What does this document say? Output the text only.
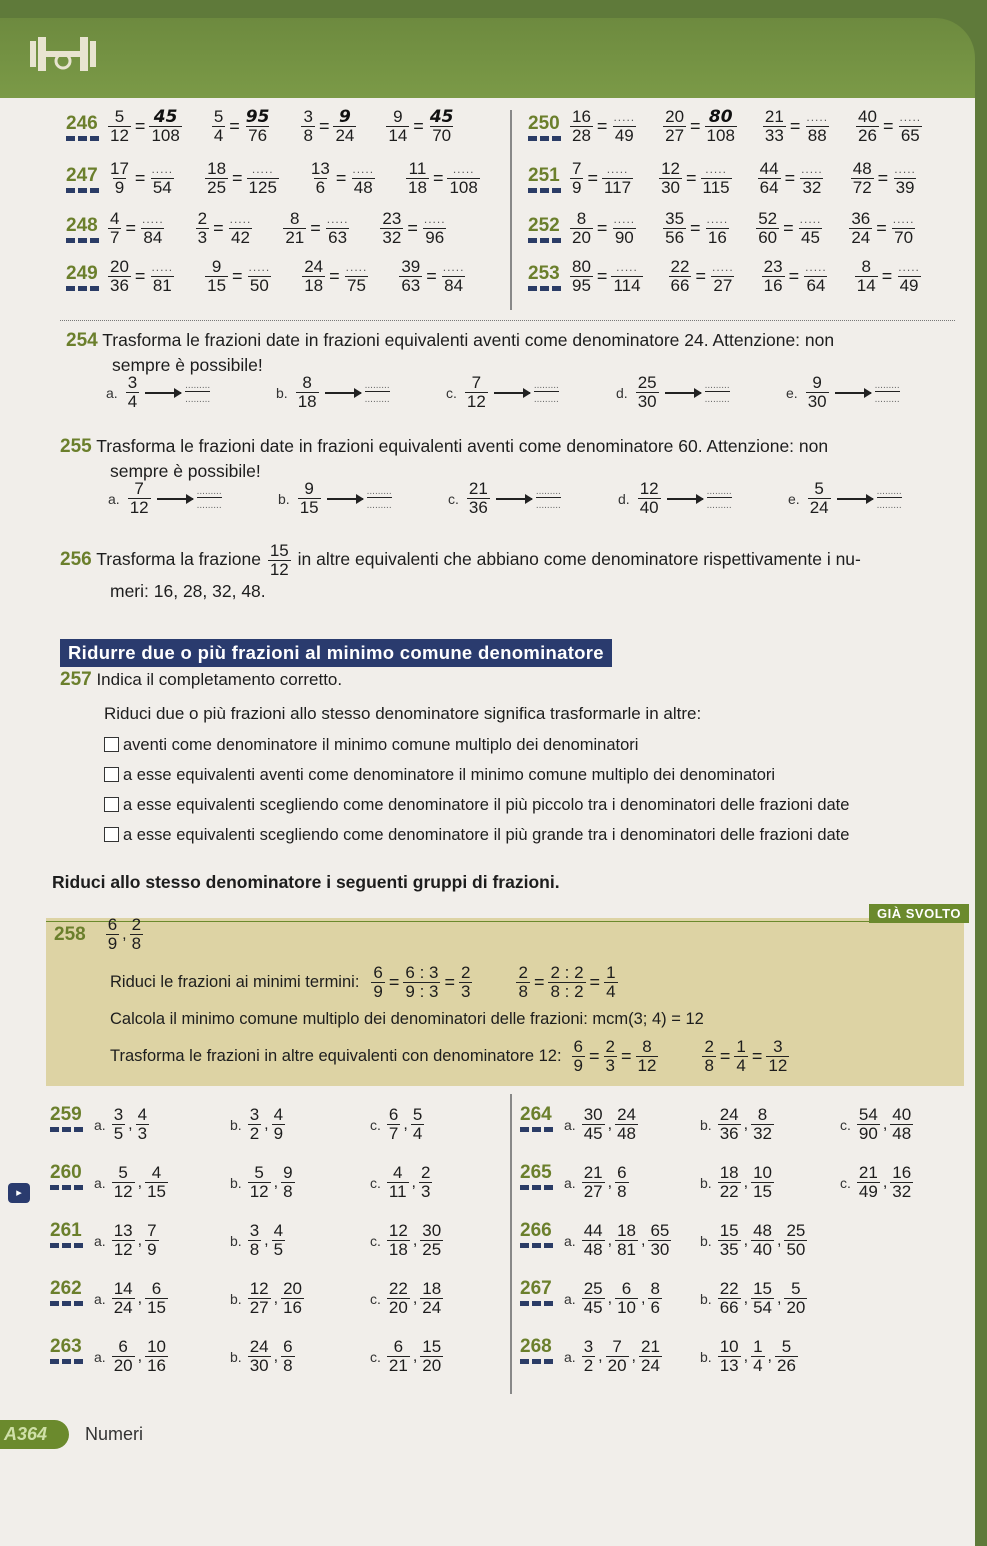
$246 \frac{5}{12} = \frac{45}{108} \frac{5}{4} = \frac{95}{76} \frac{3}{8} = \frac{9}{24} \frac{9}{14} = \frac{45}{70}$
$247 \frac{17}{9} = \frac{.....}{54} \frac{18}{25} = \frac{.....}{125} \frac{13}{6} = \frac{.....}{48} \frac{11}{18} = \frac{.....}{108}$
$248 \frac{4}{7} = \frac{.....}{84} \frac{2}{3} = \frac{.....}{42} \frac{8}{21} = \frac{.....}{63} \frac{23}{32} = \frac{.....}{96}$
$249 \frac{20}{36} = \frac{.....}{81} \frac{9}{15} = \frac{.....}{50} \frac{24}{18} = \frac{.....}{75} \frac{39}{63} = \frac{.....}{84}$
$250 \frac{16}{28} = \frac{.....}{49} \frac{20}{27} = \frac{80}{108} \frac{21}{33} = \frac{.....}{88} \frac{40}{26} = \frac{.....}{65}$
$251 \frac{7}{9} = \frac{.....}{117} \frac{12}{30} = \frac{.....}{115} \frac{44}{64} = \frac{.....}{32} \frac{48}{72} = \frac{.....}{39}$
$252 \frac{8}{20} = \frac{.....}{90} \frac{35}{56} = \frac{.....}{16} \frac{52}{60} = \frac{.....}{45} \frac{36}{24} = \frac{.....}{70}$
$253 \frac{80}{95} = \frac{.....}{114} \frac{22}{66} = \frac{.....}{27} \frac{23}{16} = \frac{.....}{64} \frac{8}{14} = \frac{.....}{49}$
254 Trasforma le frazioni date in frazioni equivalenti aventi come denominatore 24. Attenzione: non
sempre è possibile!
a. $\frac{3}{4}$	.........
.........	b. $\frac{8}{18}$	.........
.........	c. $\frac{7}{12}$	.........
.........	d. $\frac{25}{30}$	.........
.........	e. $\frac{9}{30}$	.........
.........
255 Trasforma le frazioni date in frazioni equivalenti aventi come denominatore 60. Attenzione: non
sempre è possibile!
a. $\frac{7}{12}$	.........
.........	b. $\frac{9}{15}$	.........
.........	c. $\frac{21}{36}$	.........
.........	d. $\frac{12}{40}$	.........
.........	e. $\frac{5}{24}$	.........
.........
256 Trasforma la frazione $\frac{15}{12}$ in altre equivalenti che abbiano come denominatore rispettivamente i nu-
meri: 16, 28, 32, 48.
Ridurre due o più frazioni al minimo comune denominatore
257 Indica il completamento corretto.
Riduci due o più frazioni allo stesso denominatore significa trasformarle in altre:
aventi come denominatore il minimo comune multiplo dei denominatori
a esse equivalenti aventi come denominatore il minimo comune multiplo dei denominatori
a esse equivalenti scegliendo come denominatore il più piccolo tra i denominatori delle frazioni date
a esse equivalenti scegliendo come denominatore il più grande tra i denominatori delle frazioni date
Riduci allo stesso denominatore i seguenti gruppi di frazioni.
GIÀ SVOLTO
$258 \frac{6}{9}$ , $\frac{2}{8}$
Riduci le frazioni ai minimi termini: $\frac{6}{9} = \frac{6 : 3}{9 : 3} = \frac{2}{3}$	$\frac{2}{8} = \frac{2 : 2}{8 : 2} = \frac{1}{4}$
Calcola il minimo comune multiplo dei denominatori delle frazioni: mcm(3; 4) = 12
Trasforma le frazioni in altre equivalenti con denominatore 12: $\frac{6}{9} = \frac{2}{3} = \frac{8}{12}$	$\frac{2}{8} = \frac{1}{4} = \frac{3}{12}$
▸
259 a. $\frac{3}{5}$ , $\frac{4}{3}$	b. $\frac{3}{2}$ , $\frac{4}{9}$	c. $\frac{6}{7}$ , $\frac{5}{4}$
260 a. $\frac{5}{12}$ , $\frac{4}{15}$	b. $\frac{5}{12}$ , $\frac{9}{8}$	c. $\frac{4}{11}$ , $\frac{2}{3}$
261 a. $\frac{13}{12}$ , $\frac{7}{9}$	b. $\frac{3}{8}$ , $\frac{4}{5}$	c. $\frac{12}{18}$ , $\frac{30}{25}$
262 a. $\frac{14}{24}$ , $\frac{6}{15}$	b. $\frac{12}{27}$ , $\frac{20}{16}$	c. $\frac{22}{20}$ , $\frac{18}{24}$
263 a. $\frac{6}{20}$ , $\frac{10}{16}$	b. $\frac{24}{30}$ , $\frac{6}{8}$	c. $\frac{6}{21}$ , $\frac{15}{20}$
264 a. $\frac{30}{45}$ , $\frac{24}{48}$	b. $\frac{24}{36}$ , $\frac{8}{32}$	c. $\frac{54}{90}$ , $\frac{40}{48}$
265 a. $\frac{21}{27}$ , $\frac{6}{8}$	b. $\frac{18}{22}$ , $\frac{10}{15}$	c. $\frac{21}{49}$ , $\frac{16}{32}$
266 a. $\frac{44}{48}$ , $\frac{18}{81}$ , $\frac{65}{30} b$. $\frac{15}{35}$ , $\frac{48}{40}$ , $\frac{25}{50}$
267 a. $\frac{25}{45}$ , $\frac{6}{10}$ , $\frac{8}{6}$	b. $\frac{22}{66}$ , $\frac{15}{54}$ , $\frac{5}{20}$
268 a. $\frac{3}{2}$ , $\frac{7}{20}$ , $\frac{21}{24}$	b. $\frac{10}{13}$ , $\frac{1}{4}$ , $\frac{5}{26}$
A364	Numeri
